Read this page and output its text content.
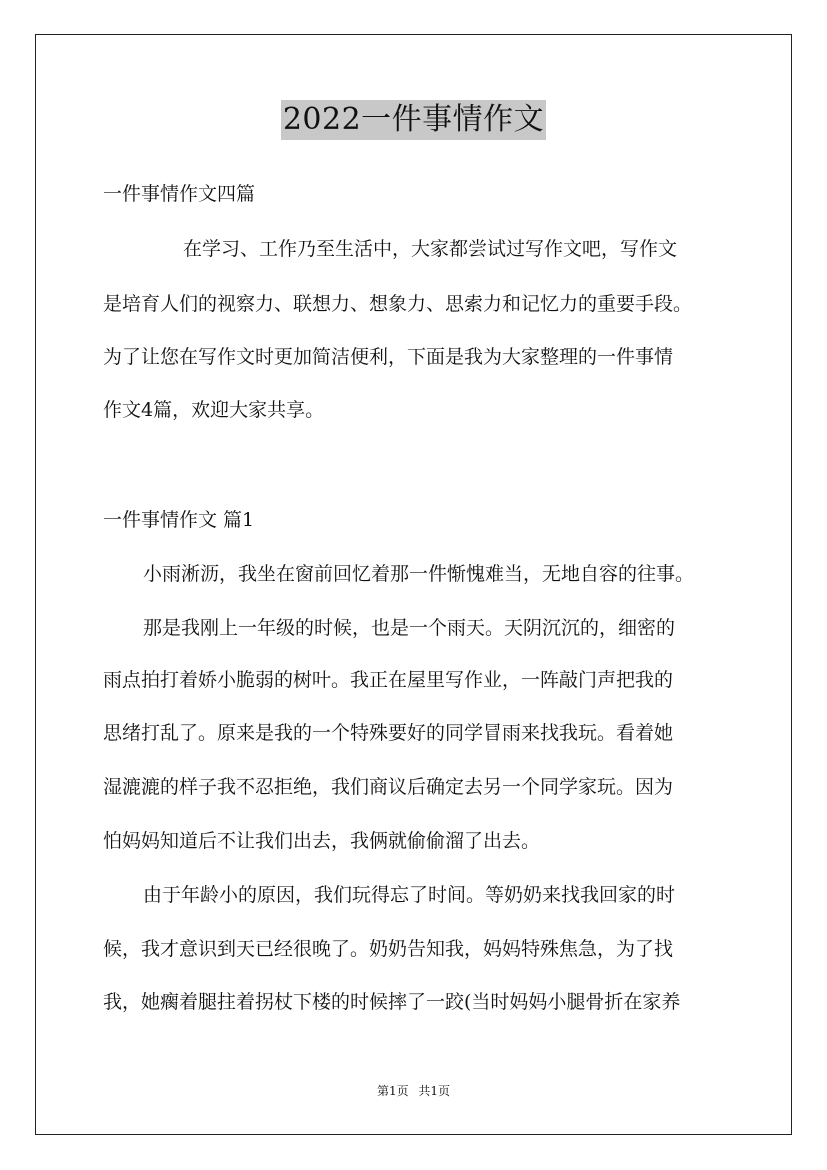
2022一件事情作文
一件事情作文四篇
在学习、工作乃至生活中，大家都尝试过写作文吧，写作文
是培育人们的视察力、联想力、想象力、思索力和记忆力的重要手段。
为了让您在写作文时更加简洁便利，下面是我为大家整理的一件事情
作文4篇，欢迎大家共享。
一件事情作文 篇1
小雨淅沥，我坐在窗前回忆着那一件惭愧难当，无地自容的往事。
那是我刚上一年级的时候，也是一个雨天。天阴沉沉的，细密的
雨点拍打着娇小脆弱的树叶。我正在屋里写作业，一阵敲门声把我的
思绪打乱了。原来是我的一个特殊要好的同学冒雨来找我玩。看着她
湿漉漉的样子我不忍拒绝，我们商议后确定去另一个同学家玩。因为
怕妈妈知道后不让我们出去，我俩就偷偷溜了出去。
由于年龄小的原因，我们玩得忘了时间。等奶奶来找我回家的时
候，我才意识到天已经很晚了。奶奶告知我，妈妈特殊焦急，为了找
我，她瘸着腿拄着拐杖下楼的时候摔了一跤(当时妈妈小腿骨折在家养
第1页 共1页
